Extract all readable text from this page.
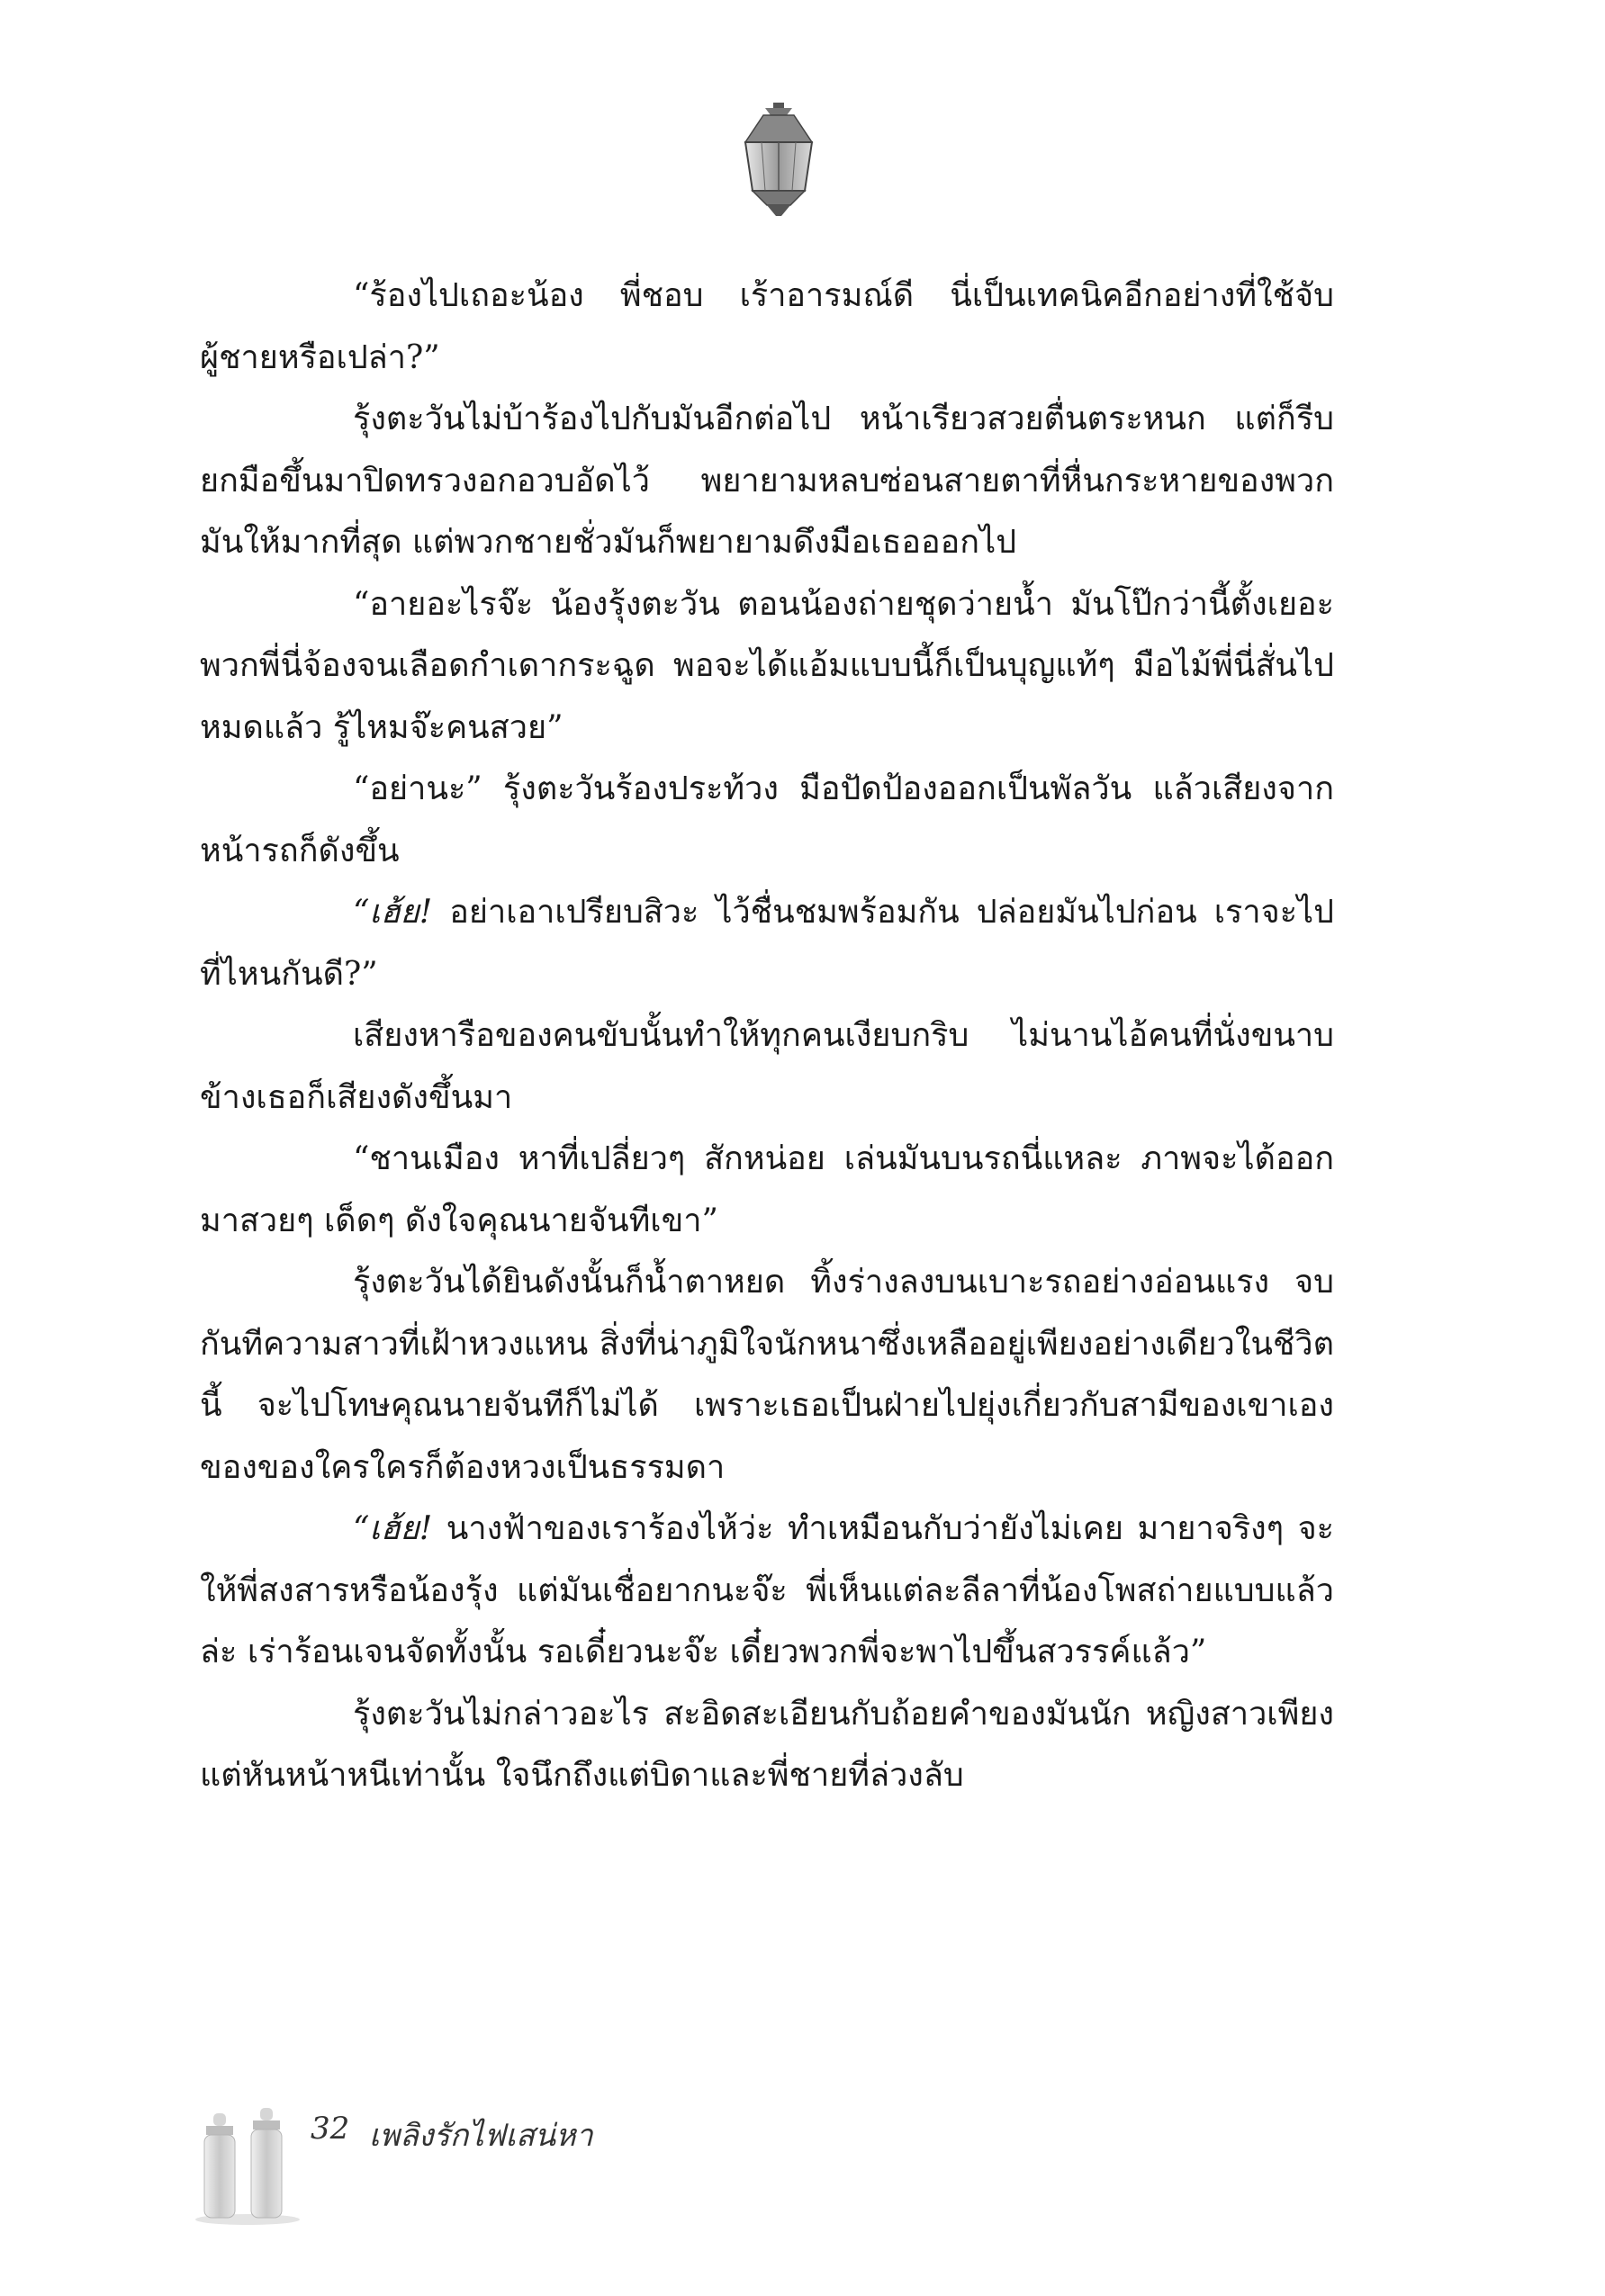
“ร้องไปเถอะน้อง พี่ชอบ เร้าอารมณ์ดี นี่เป็นเทคนิคอีกอย่างที่ใช้จับผู้ชายหรือเปล่า?”

รุ้งตะวันไม่บ้าร้องไปกับมันอีกต่อไป หน้าเรียวสวยตื่นตระหนก แต่ก็รีบยกมือขึ้นมาปิดทรวงอกอวบอัดไว้ พยายามหลบซ่อนสายตาที่หื่นกระหายของพวกมันให้มากที่สุด แต่พวกชายชั่วมันก็พยายามดึงมือเธอออกไป

“อายอะไรจ๊ะ น้องรุ้งตะวัน ตอนน้องถ่ายชุดว่ายน้ำ มันโป๊กว่านี้ตั้งเยอะ พวกพี่นี่จ้องจนเลือดกำเดากระฉูด พอจะได้แอ้มแบบนี้ก็เป็นบุญแท้ๆ มือไม้พี่นี่สั่นไปหมดแล้ว รู้ไหมจ๊ะคนสวย”

“อย่านะ” รุ้งตะวันร้องประท้วง มือปัดป้องออกเป็นพัลวัน แล้วเสียงจากหน้ารถก็ดังขึ้น

“เฮ้ย! อย่าเอาเปรียบสิวะ ไว้ชื่นชมพร้อมกัน ปล่อยมันไปก่อน เราจะไปที่ไหนกันดี?”

เสียงหารือของคนขับนั้นทำให้ทุกคนเงียบกริบ ไม่นานไอ้คนที่นั่งขนาบข้างเธอก็เสียงดังขึ้นมา

“ชานเมือง หาที่เปลี่ยวๆ สักหน่อย เล่นมันบนรถนี่แหละ ภาพจะได้ออกมาสวยๆ เด็ดๆ ดังใจคุณนายจันทีเขา”

รุ้งตะวันได้ยินดังนั้นก็น้ำตาหยด ทิ้งร่างลงบนเบาะรถอย่างอ่อนแรง จบกันทีความสาวที่เฝ้าหวงแหน สิ่งที่น่าภูมิใจนักหนาซึ่งเหลืออยู่เพียงอย่างเดียวในชีวิตนี้ จะไปโทษคุณนายจันทีก็ไม่ได้ เพราะเธอเป็นฝ่ายไปยุ่งเกี่ยวกับสามีของเขาเอง ของของใครใครก็ต้องหวงเป็นธรรมดา

“เฮ้ย! นางฟ้าของเราร้องไห้ว่ะ ทำเหมือนกับว่ายังไม่เคย มายาจริงๆ จะให้พี่สงสารหรือน้องรุ้ง แต่มันเชื่อยากนะจ๊ะ พี่เห็นแต่ละลีลาที่น้องโพสถ่ายแบบแล้วล่ะ เร่าร้อนเจนจัดทั้งนั้น รอเดี๋ยวนะจ๊ะ เดี๋ยวพวกพี่จะพาไปขึ้นสวรรค์แล้ว”

รุ้งตะวันไม่กล่าวอะไร สะอิดสะเอียนกับถ้อยคำของมันนัก หญิงสาวเพียงแต่หันหน้าหนีเท่านั้น ใจนึกถึงแต่บิดาและพี่ชายที่ล่วงลับ

32 เพลิงรักไฟเสน่หา
